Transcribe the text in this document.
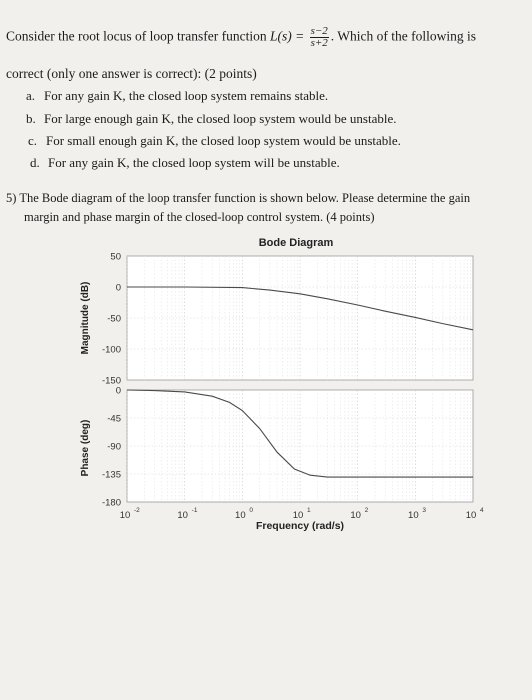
Consider the root locus of loop transfer function $L(s) = \frac{s-2}{s+2}$ . Which of the following is
correct (only one answer is correct): (2 points)
a. For any gain K, the closed loop system remains stable.
b. For large enough gain K, the closed loop system would be unstable.
c. For small enough gain K, the closed loop system would be unstable.
d. For any gain K, the closed loop system will be unstable.
5) The Bode diagram of the loop transfer function is shown below. Please determine the gain
margin and phase margin of the closed-loop control system. (4 points)
Bode Diagram
50
0
-50
-100
-150
Magnitude (dB)
0
-45
-90
-135
-180
Phase (deg)
10 -2	10 -1	10 0	10 1	10 2	10 3	10 4
Frequency (rad/s)
